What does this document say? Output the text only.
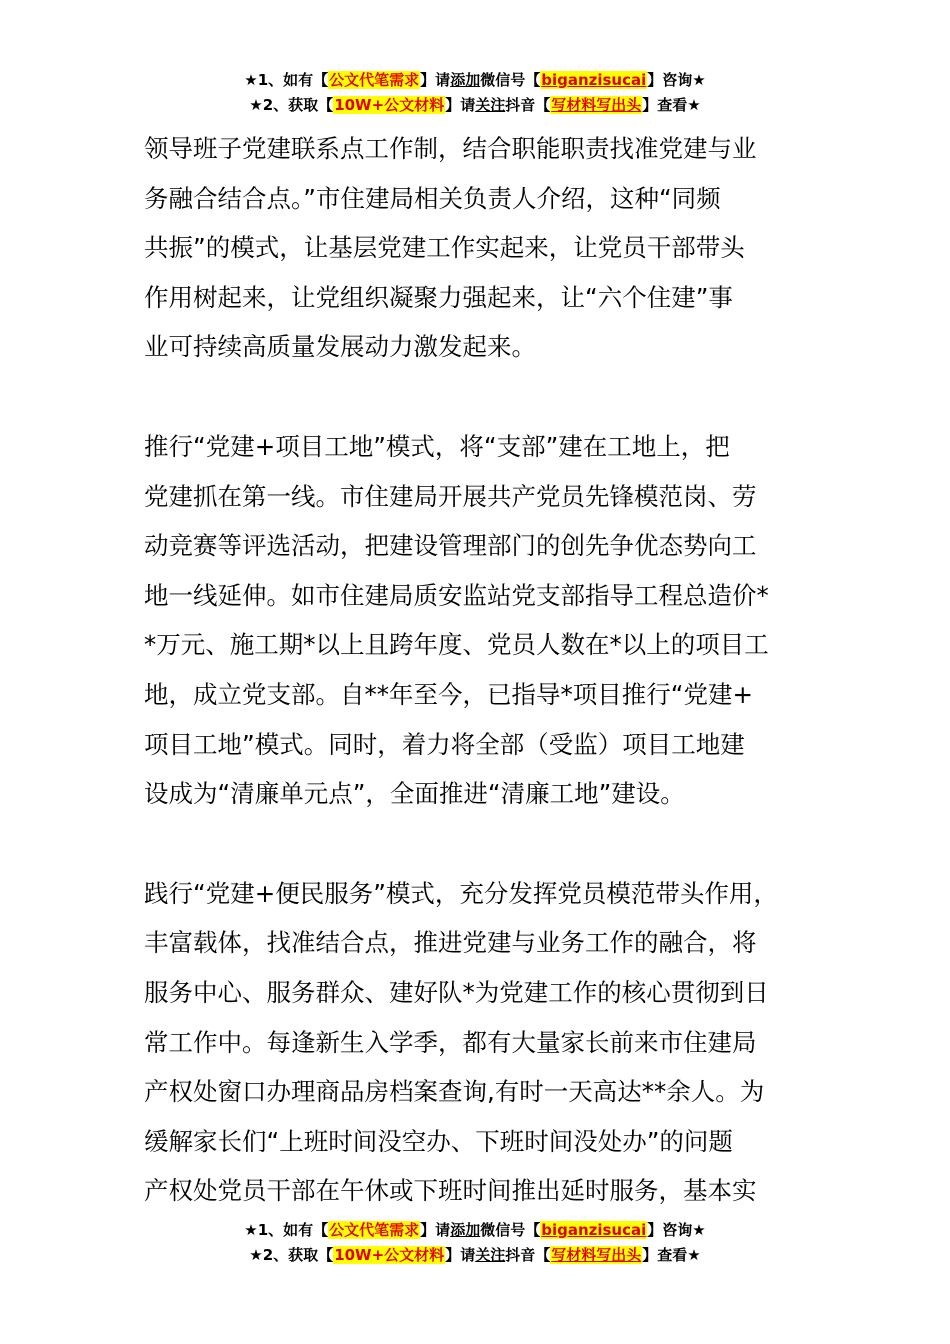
★1、如有【公文代笔需求】请添加微信号【biganzisucai】咨询★
★2、获取【10W+公文材料】请关注抖音【写材料写出头】查看★

领导班子党建联系点工作制，结合职能职责找准党建与业
务融合结合点。”市住建局相关负责人介绍，这种“同频
共振”的模式，让基层党建工作实起来，让党员干部带头
作用树起来，让党组织凝聚力强起来，让“六个住建”事
业可持续高质量发展动力激发起来。

推行“党建+项目工地”模式，将“支部”建在工地上，把
党建抓在第一线。市住建局开展共产党员先锋模范岗、劳
动竞赛等评选活动，把建设管理部门的创先争优态势向工
地一线延伸。如市住建局质安监站党支部指导工程总造价*
*万元、施工期*以上且跨年度、党员人数在*以上的项目工
地，成立党支部。自**年至今，已指导*项目推行“党建+
项目工地”模式。同时，着力将全部（受监）项目工地建
设成为“清廉单元点”，全面推进“清廉工地”建设。

践行“党建+便民服务”模式，充分发挥党员模范带头作用，
丰富载体，找准结合点，推进党建与业务工作的融合，将
服务中心、服务群众、建好队*为党建工作的核心贯彻到日
常工作中。每逢新生入学季，都有大量家长前来市住建局
产权处窗口办理商品房档案查询,有时一天高达**余人。为
缓解家长们“上班时间没空办、下班时间没处办”的问题
产权处党员干部在午休或下班时间推出延时服务，基本实

★1、如有【公文代笔需求】请添加微信号【biganzisucai】咨询★
★2、获取【10W+公文材料】请关注抖音【写材料写出头】查看★
